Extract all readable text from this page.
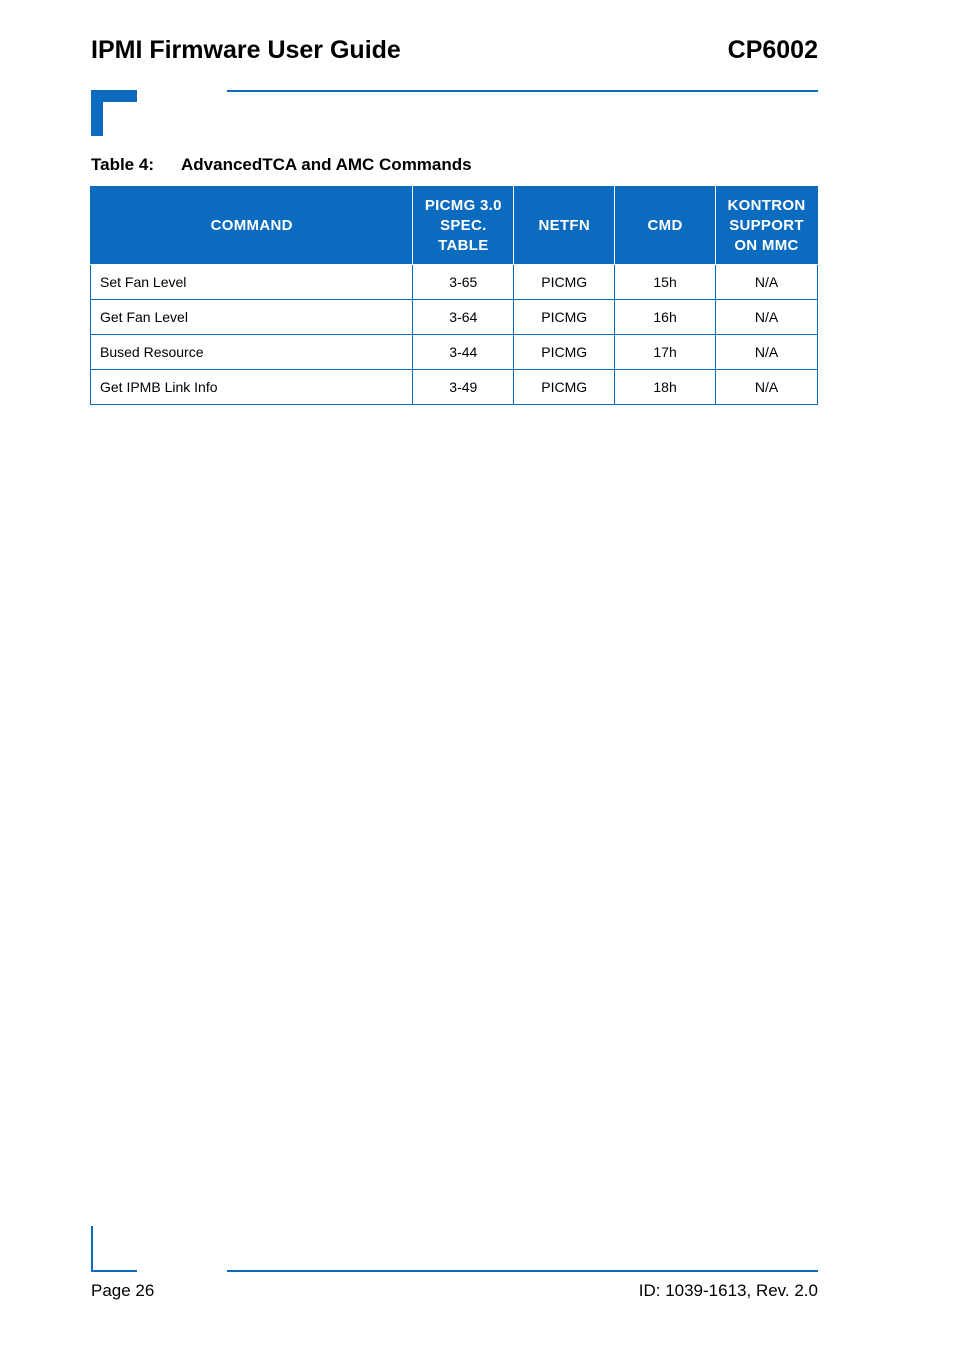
IPMI Firmware User Guide	CP6002
Table 4: AdvancedTCA and AMC Commands
COMMAND	PICMG 3.0 SPEC. TABLE	NETFN	CMD	KONTRON SUPPORT ON MMC
Set Fan Level	3-65	PICMG	15h	N/A
Get Fan Level	3-64	PICMG	16h	N/A
Bused Resource	3-44	PICMG	17h	N/A
Get IPMB Link Info	3-49	PICMG	18h	N/A
Page 26	ID: 1039-1613, Rev. 2.0
